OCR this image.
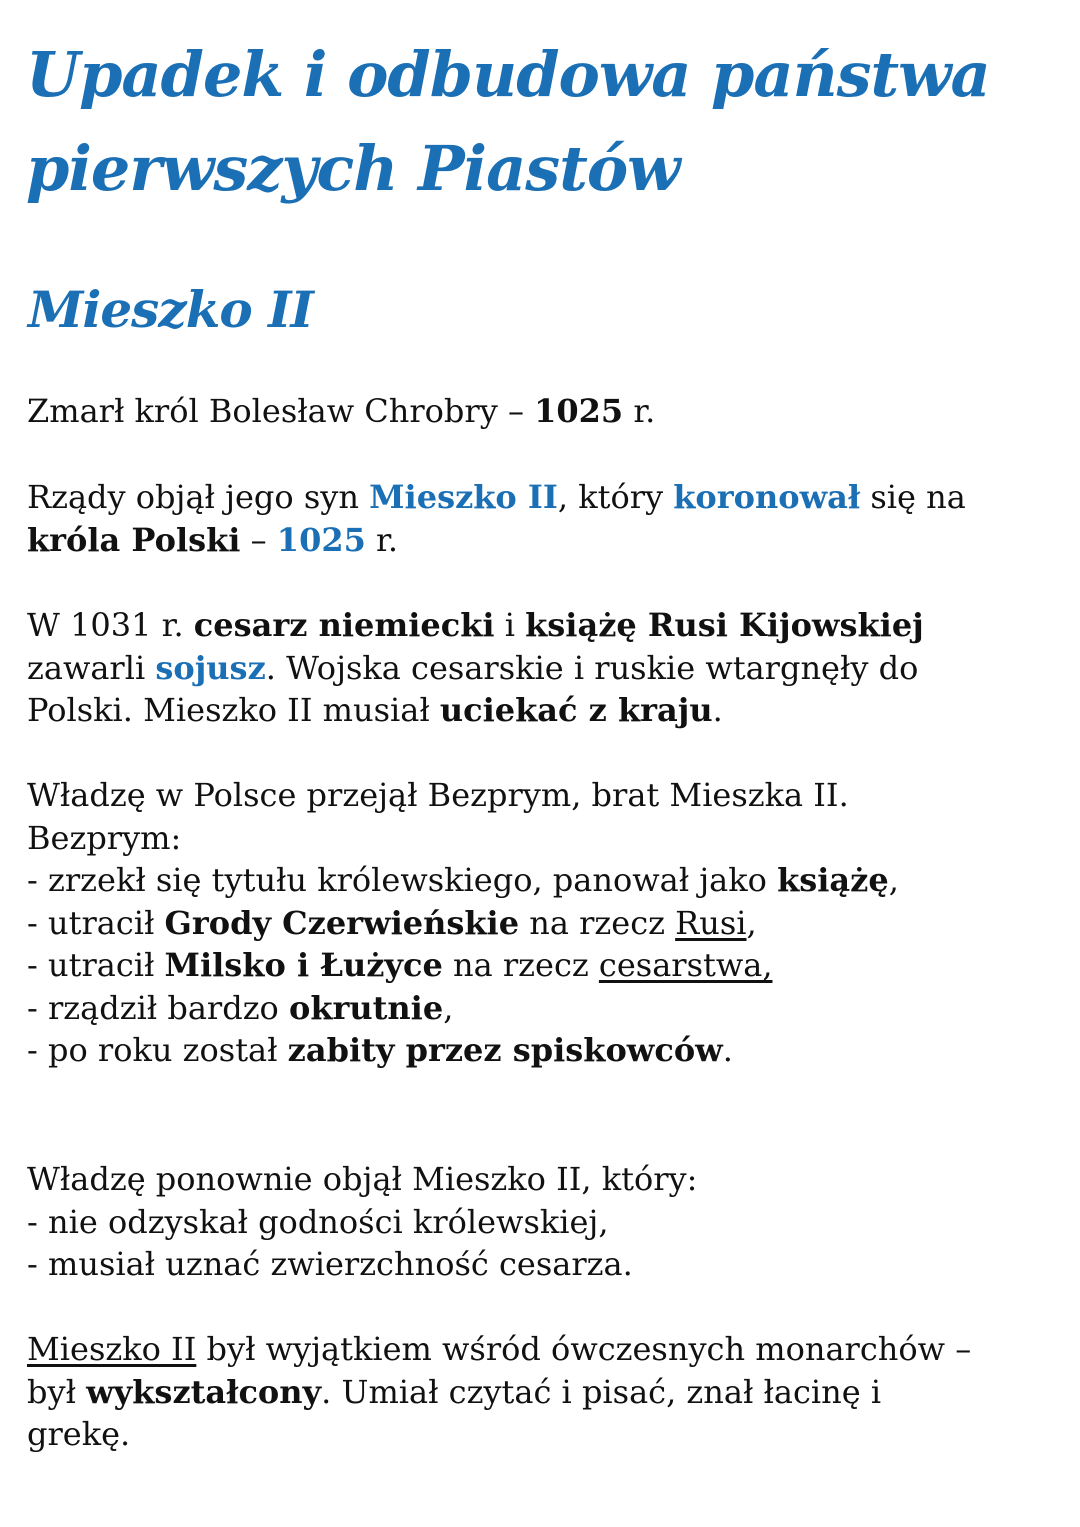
Upadek i odbudowa państwa
pierwszych Piastów
Mieszko II

Zmarł król Bolesław Chrobry – 1025 r.

Rządy objął jego syn Mieszko II, który koronował się na
króla Polski – 1025 r.

W 1031 r. cesarz niemiecki i książę Rusi Kijowskiej
zawarli sojusz. Wojska cesarskie i ruskie wtargnęły do
Polski. Mieszko II musiał uciekać z kraju.

Władzę w Polsce przejął Bezprym, brat Mieszka II.
Bezprym:
- zrzekł się tytułu królewskiego, panował jako książę,
- utracił Grody Czerwieńskie na rzecz Rusi,
- utracił Milsko i Łużyce na rzecz cesarstwa,
- rządził bardzo okrutnie,
- po roku został zabity przez spiskowców.

Władzę ponownie objął Mieszko II, który:
- nie odzyskał godności królewskiej,
- musiał uznać zwierzchność cesarza.

Mieszko II był wyjątkiem wśród ówczesnych monarchów –
był wykształcony. Umiał czytać i pisać, znał łacinę i
grekę.
